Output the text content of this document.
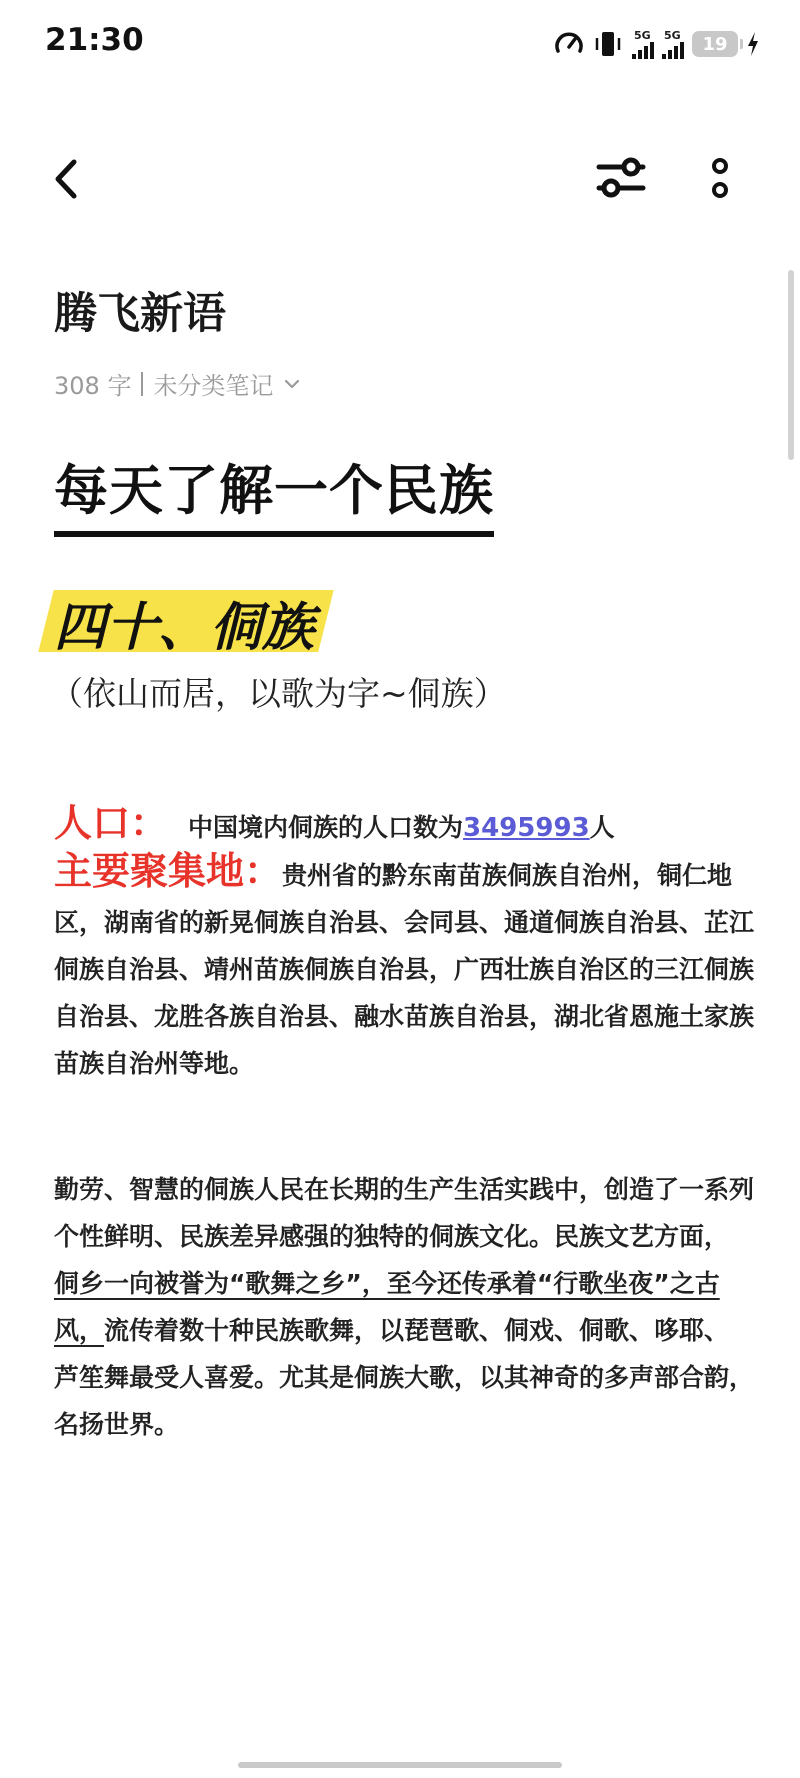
21:30	5G 5G	19
腾飞新语
308 字 未分类笔记
每天了解一个民族
四十、侗族
（依山而居，以歌为字~侗族）
人口： 中国境内侗族的人口数为3495993人

主要聚集地：贵州省的黔东南苗族侗族自治州，铜仁地区，湖南省的新晃侗族自治县、会同县、通道侗族自治县、芷江侗族自治县、靖州苗族侗族自治县，广西壮族自治区的三江侗族自治县、龙胜各族自治县、融水苗族自治县，湖北省恩施土家族苗族自治州等地。

勤劳、智慧的侗族人民在长期的生产生活实践中，创造了一系列个性鲜明、民族差异感强的独特的侗族文化。民族文艺方面，侗乡一向被誉为“歌舞之乡”，至今还传承着“行歌坐夜”之古风，流传着数十种民族歌舞，以琵琶歌、侗戏、侗歌、哆耶、芦笙舞最受人喜爱。尤其是侗族大歌，以其神奇的多声部合韵，名扬世界。
